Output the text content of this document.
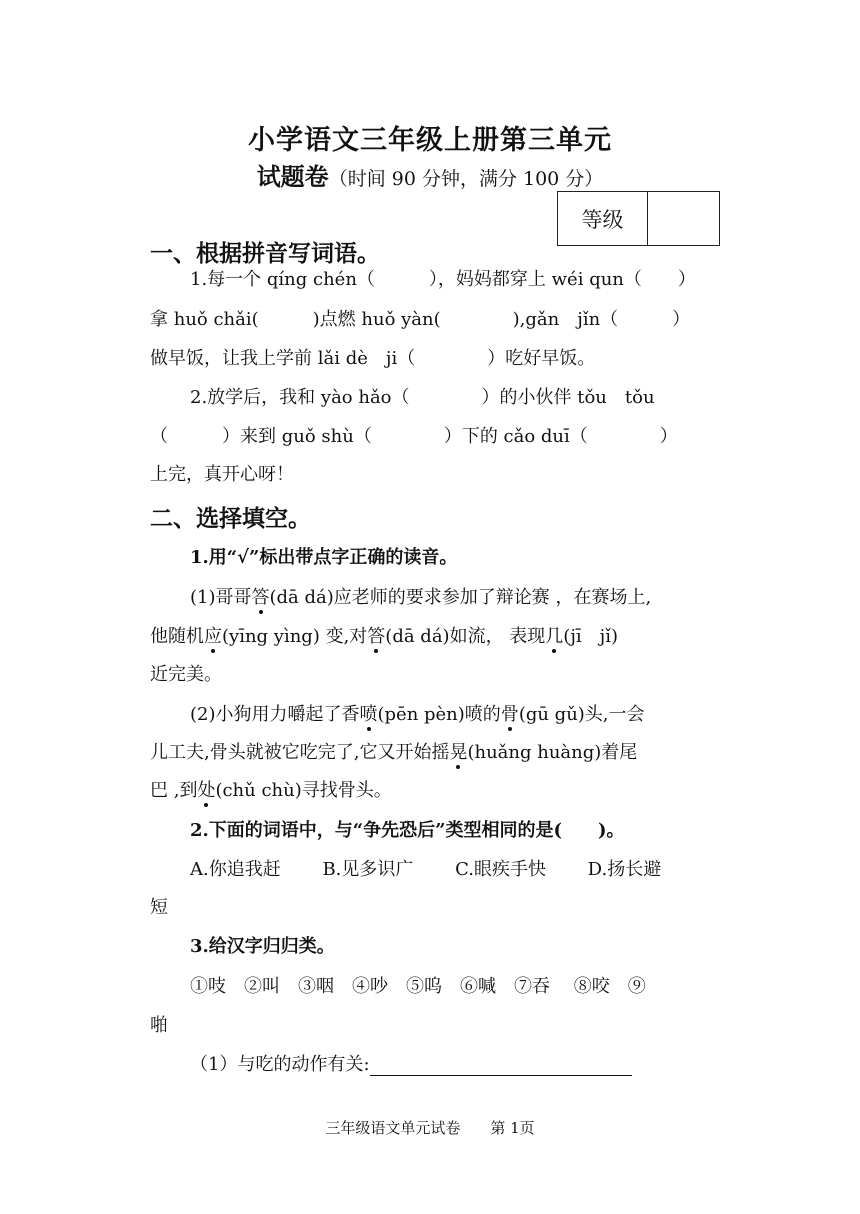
小学语文三年级上册第三单元
试题卷（时间 90 分钟，满分 100 分）
等级
一、根据拼音写词语。
1.每一个 qíng chén（　　　），妈妈都穿上 wéi qun（　　）
拿 huǒ chǎi(　　　)点燃 huǒ yàn(　　　　),gǎn　jǐn（　　　）
做早饭，让我上学前 lǎi dè　ji（　　　　）吃好早饭。
2.放学后，我和 yào hǎo（　　　　）的小伙伴 tǒu　tǒu
（　　　）来到 guǒ shù（　　　　）下的 cǎo duī（　　　　）
上完，真开心呀！
二、选择填空。
1.用“√”标出带点字正确的读音。
(1)哥哥答(dā dá)应老师的要求参加了辩论赛 ，在赛场上,
他随机应(yīng yìng) 变,对答(dā dá)如流， 表现几(jī　jǐ)
近完美。
(2)小狗用力嚼起了香喷(pēn pèn)喷的骨(gū gǔ)头,一会
儿工夫,骨头就被它吃完了,它又开始摇晃(huǎng huàng)着尾
巴 ,到处(chǔ chù)寻找骨头。
2.下面的词语中，与“争先恐后”类型相同的是(　　)。
A.你追我赶　　 B.见多识广　　 C.眼疾手快　　 D.扬长避
短
3.给汉字归归类。
①吱　②叫　③咽　④吵　⑤呜　⑥喊　⑦吞　 ⑧咬　⑨
啪
（1）与吃的动作有关:
三年级语文单元试卷　　第 1页
